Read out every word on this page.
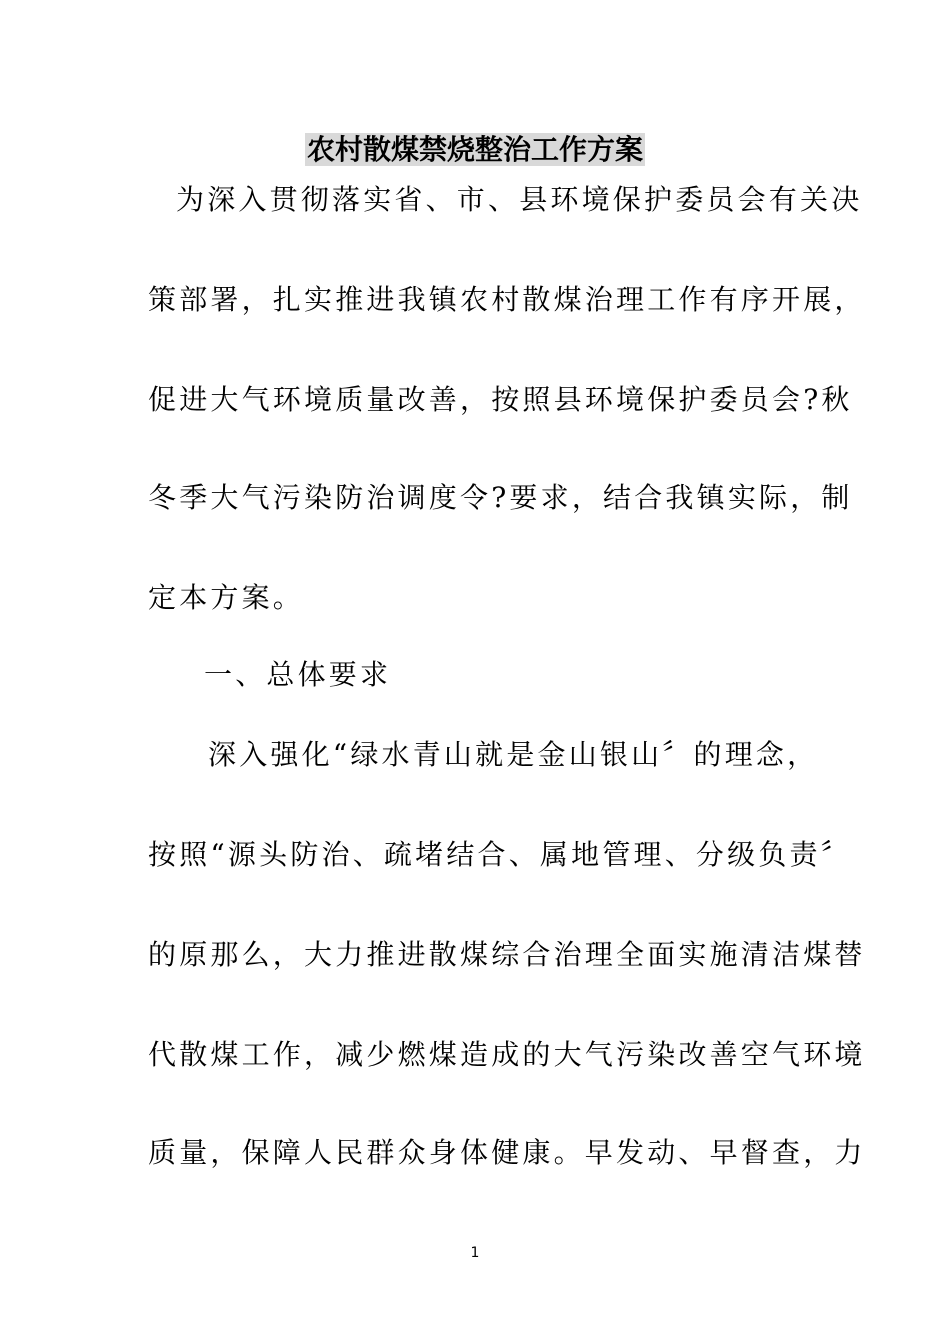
农村散煤禁烧整治工作方案
为深入贯彻落实省、市、县环境保护委员会有关决
策部署，扎实推进我镇农村散煤治理工作有序开展，
促进大气环境质量改善，按照县环境保护委员会?秋
冬季大气污染防治调度令?要求，结合我镇实际，制
定本方案。
一、总体要求
深入强化“绿水青山就是金山银山〞的理念，
按照“源头防治、疏堵结合、属地管理、分级负责〞
的原那么，大力推进散煤综合治理全面实施清洁煤替
代散煤工作，减少燃煤造成的大气污染改善空气环境
质量，保障人民群众身体健康。早发动、早督查，力
1
